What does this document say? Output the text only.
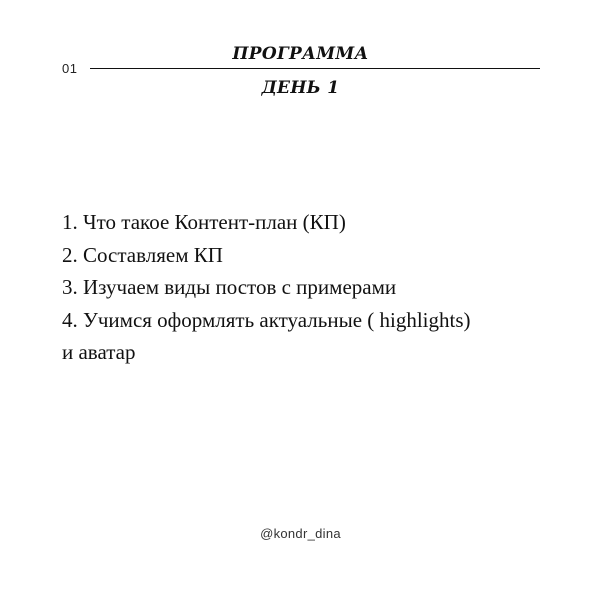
01
ПРОГРАММА
ДЕНЬ 1
1. Что такое Контент-план (КП)
2. Составляем КП
3. Изучаем виды постов с примерами
4. Учимся оформлять актуальные ( highlights)
и аватар
@kondr_dina
